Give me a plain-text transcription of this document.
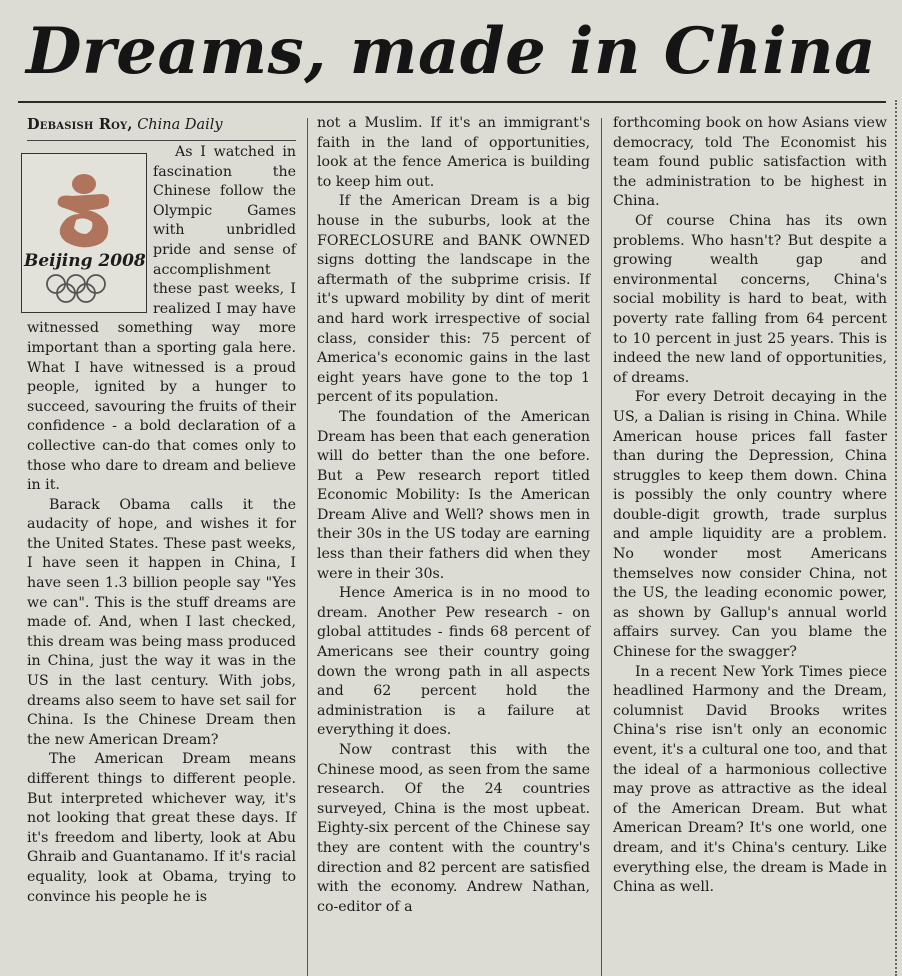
Dreams, made in China
Debasish Roy, China Daily
Beijing 2008

As I watched in fascination the Chinese follow the Olympic Games with unbridled pride and sense of accomplishment these past weeks, I realized I may have witnessed something way more important than a sporting gala here. What I have witnessed is a proud people, ignited by a hunger to succeed, savouring the fruits of their confidence - a bold declaration of a collective can-do that comes only to those who dare to dream and believe in it.

Barack Obama calls it the audacity of hope, and wishes it for the United States. These past weeks, I have seen it happen in China, I have seen 1.3 billion people say "Yes we can". This is the stuff dreams are made of. And, when I last checked, this dream was being mass produced in China, just the way it was in the US in the last century. With jobs, dreams also seem to have set sail for China. Is the Chinese Dream then the new American Dream?

The American Dream means different things to different people. But interpreted whichever way, it's not looking that great these days. If it's freedom and liberty, look at Abu Ghraib and Guantanamo. If it's racial equality, look at Obama, trying to convince his people he is

not a Muslim. If it's an immigrant's faith in the land of opportunities, look at the fence America is building to keep him out.

If the American Dream is a big house in the suburbs, look at the FORECLOSURE and BANK OWNED signs dotting the landscape in the aftermath of the subprime crisis. If it's upward mobility by dint of merit and hard work irrespective of social class, consider this: 75 percent of America's economic gains in the last eight years have gone to the top 1 percent of its population.

The foundation of the American Dream has been that each generation will do better than the one before. But a Pew research report titled Economic Mobility: Is the American Dream Alive and Well? shows men in their 30s in the US today are earning less than their fathers did when they were in their 30s.

Hence America is in no mood to dream. Another Pew research - on global attitudes - finds 68 percent of Americans see their country going down the wrong path in all aspects and 62 percent hold the administration is a failure at everything it does.

Now contrast this with the Chinese mood, as seen from the same research. Of the 24 countries surveyed, China is the most upbeat. Eighty-six percent of the Chinese say they are content with the country's direction and 82 percent are satisfied with the economy. Andrew Nathan, co-editor of a

forthcoming book on how Asians view democracy, told The Economist his team found public satisfaction with the administration to be highest in China.

Of course China has its own problems. Who hasn't? But despite a growing wealth gap and environmental concerns, China's social mobility is hard to beat, with poverty rate falling from 64 percent to 10 percent in just 25 years. This is indeed the new land of opportunities, of dreams.

For every Detroit decaying in the US, a Dalian is rising in China. While American house prices fall faster than during the Depression, China struggles to keep them down. China is possibly the only country where double-digit growth, trade surplus and ample liquidity are a problem. No wonder most Americans themselves now consider China, not the US, the leading economic power, as shown by Gallup's annual world affairs survey. Can you blame the Chinese for the swagger?

In a recent New York Times piece headlined Harmony and the Dream, columnist David Brooks writes China's rise isn't only an economic event, it's a cultural one too, and that the ideal of a harmonious collective may prove as attractive as the ideal of the American Dream. But what American Dream? It's one world, one dream, and it's China's century. Like everything else, the dream is Made in China as well.
